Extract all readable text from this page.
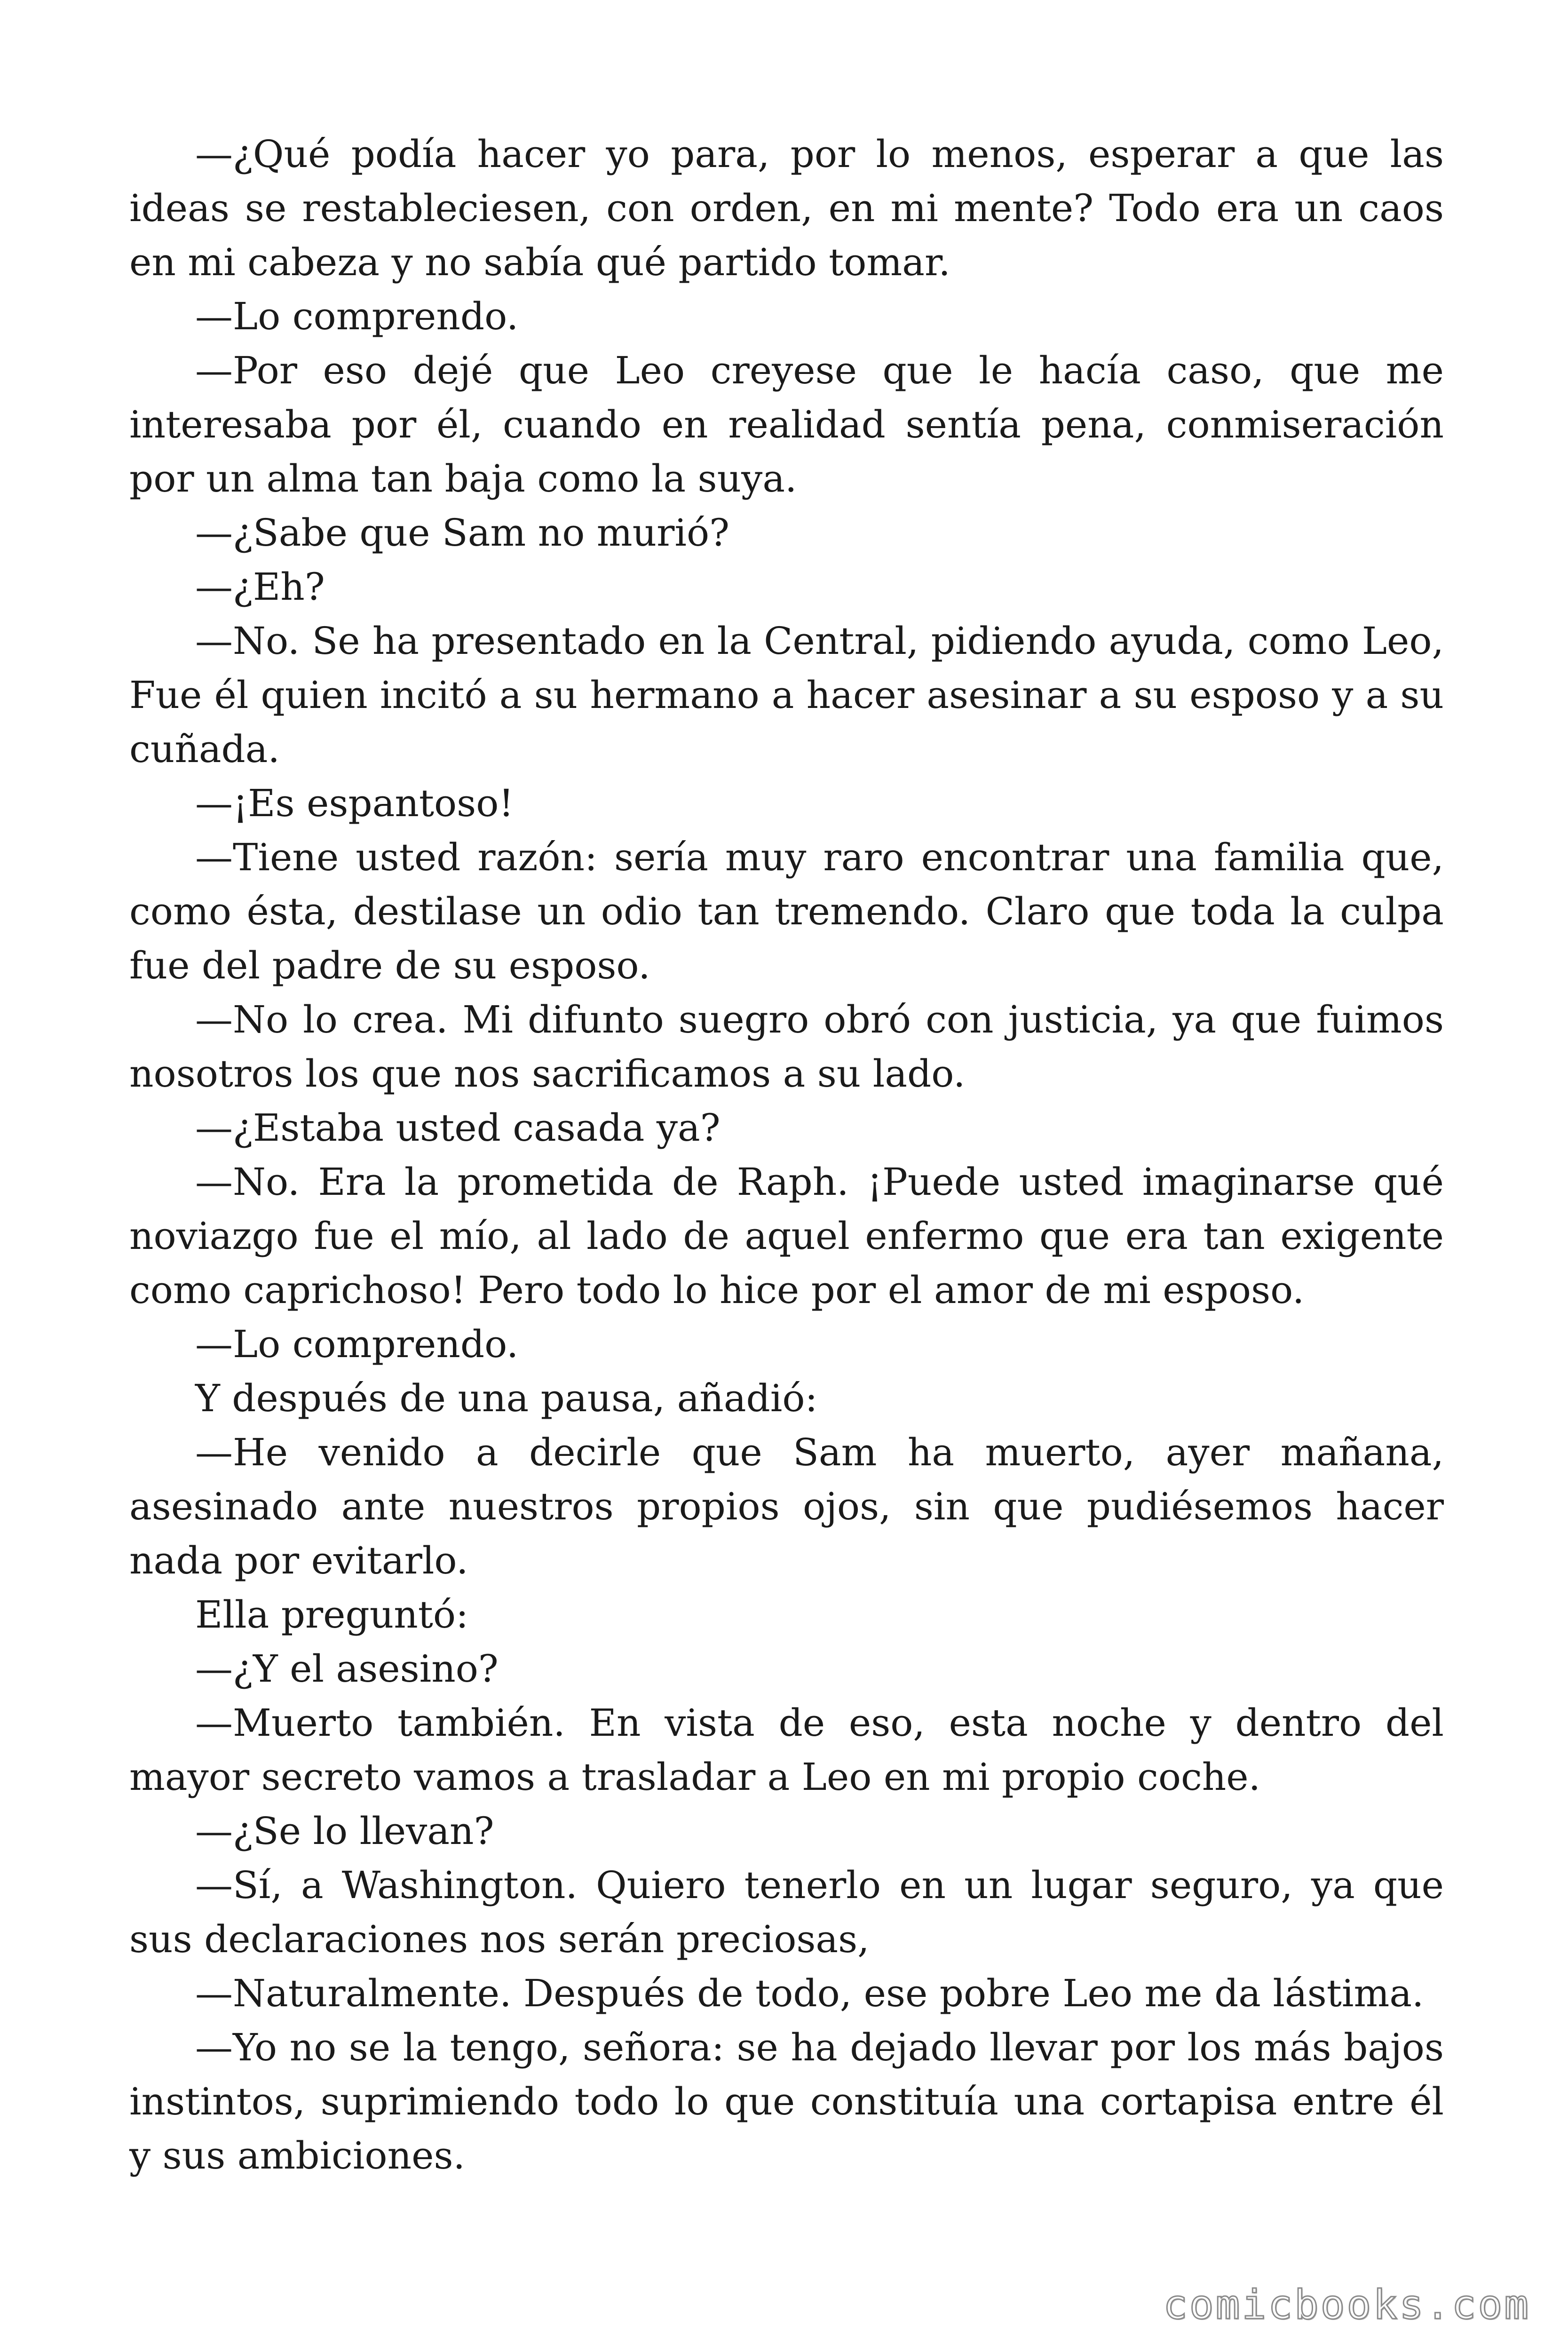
—¿Qué podía hacer yo para, por lo menos, esperar a que las ideas se restableciesen, con orden, en mi mente? Todo era un caos en mi cabeza y no sabía qué partido tomar.

—Lo comprendo.

—Por eso dejé que Leo creyese que le hacía caso, que me interesaba por él, cuando en realidad sentía pena, conmiseración por un alma tan baja como la suya.

—¿Sabe que Sam no murió?

—¿Eh?

—No. Se ha presentado en la Central, pidiendo ayuda, como Leo, Fue él quien incitó a su hermano a hacer asesinar a su esposo y a su cuñada.

—¡Es espantoso!

—Tiene usted razón: sería muy raro encontrar una familia que, como ésta, destilase un odio tan tremendo. Claro que toda la culpa fue del padre de su esposo.

—No lo crea. Mi difunto suegro obró con justicia, ya que fuimos nosotros los que nos sacrificamos a su lado.

—¿Estaba usted casada ya?

—No. Era la prometida de Raph. ¡Puede usted imaginarse qué noviazgo fue el mío, al lado de aquel enfermo que era tan exigente como caprichoso! Pero todo lo hice por el amor de mi esposo.

—Lo comprendo.

Y después de una pausa, añadió:

—He venido a decirle que Sam ha muerto, ayer mañana, asesinado ante nuestros propios ojos, sin que pudiésemos hacer nada por evitarlo.

Ella preguntó:

—¿Y el asesino?

—Muerto también. En vista de eso, esta noche y dentro del mayor secreto vamos a trasladar a Leo en mi propio coche.

—¿Se lo llevan?

—Sí, a Washington. Quiero tenerlo en un lugar seguro, ya que sus declaraciones nos serán preciosas,

—Naturalmente. Después de todo, ese pobre Leo me da lástima.

—Yo no se la tengo, señora: se ha dejado llevar por los más bajos instintos, suprimiendo todo lo que constituía una cortapisa entre él y sus ambiciones.

comicbooks.com
